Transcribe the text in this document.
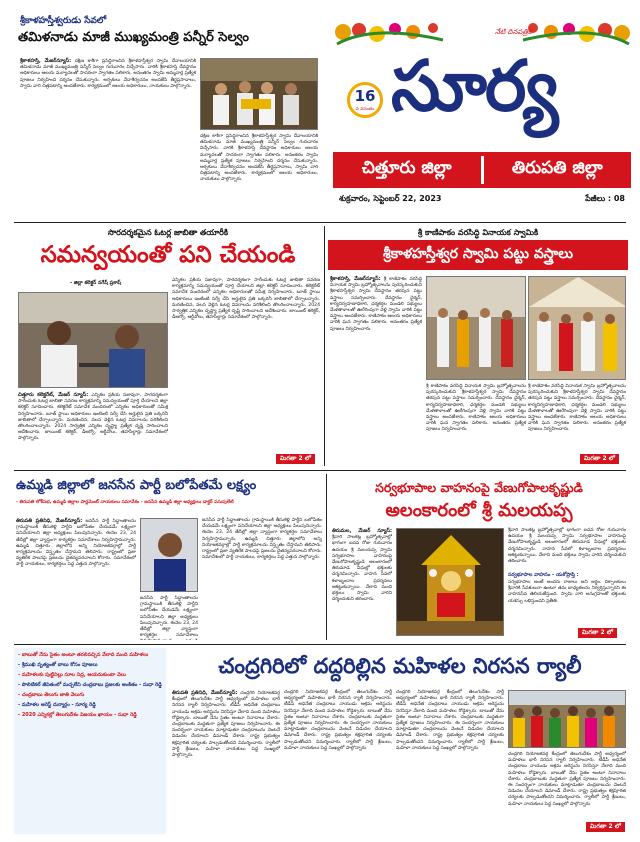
నేటి దినపత్రిక
16
వ వసంతం సూర్య
చిత్తూరు జిల్లా	తిరుపతి జిల్లా
శుక్రవారం, సెప్టెంబర్ 22, 2023	పేజీలు : 08
శ్రీకాళహస్తీశ్వరుడు సేవలో
తమిళనాడు మాజీ ముఖ్యమంత్రి పన్నీర్ సెల్వం
శ్రీకాళహస్తి, మేజర్‌న్యూస్: దక్షిణ కాశీగా ప్రసిద్ధిగాంచిన శ్రీకాళహస్తీశ్వర స్వామి దేవాలయానికి తమిళనాడు మాజీ ముఖ్యమంత్రి పన్నీర్ సెల్వం గురువారం విచ్చేసారు. వారికి శ్రీకాళహస్తి దేవస్థానం అధికారులు ఆలయ మర్యాదలతో సాదరంగా స్వాగతం పలికారు. అనంతరం స్వామి అమ్మవార్ల ప్రత్యేక పూజలు నిర్వహించి దర్శనం చేసుకున్నారు. అర్చకులు వేదాశీర్వచనం అందజేసి తీర్థప్రసాదాలు, స్వామి వారి చిత్రపటాన్ని అందజేశారు. కార్యక్రమంలో ఆలయ అధికారులు, నాయకులు పాల్గొన్నారు.
దక్షిణ కాశీగా ప్రసిద్ధిగాంచిన శ్రీకాళహస్తీశ్వర స్వామి దేవాలయానికి తమిళనాడు మాజీ ముఖ్యమంత్రి పన్నీర్ సెల్వం గురువారం విచ్చేసారు. వారికి శ్రీకాళహస్తి దేవస్థానం అధికారులు ఆలయ మర్యాదలతో సాదరంగా స్వాగతం పలికారు. అనంతరం స్వామి అమ్మవార్ల ప్రత్యేక పూజలు నిర్వహించి దర్శనం చేసుకున్నారు. అర్చకులు వేదాశీర్వచనం అందజేసి తీర్థప్రసాదాలు, స్వామి వారి చిత్రపటాన్ని అందజేశారు. కార్యక్రమంలో ఆలయ అధికారులు, నాయకులు పాల్గొన్నారు.
సొరదర్శకమైన ఓటర్ల జాబితా తయారీకి
సమన్వయంతో పని చేయండి
- జిల్లా కలెక్టర్ నగేష్ ప్రకాష్	ఎన్నికల ప్రకియ సజావుగా, పారదర్శకంగా సాగేందుకు ఓటర్ల జాబితా సవరణ కార్యక్రమాన్ని సమన్వయంతో పూర్తి చేయాలని జిల్లా కలెక్టర్ సూచించారు. కలెక్టరేట్ సమావేశ మందిరంలో ఎన్నికల అధికారులతో సమీక్ష నిర్వహించారు. బూత్ స్థాయి అధికారులు ఇంటింటి సర్వే చేసి అర్హులైన ప్రతి ఒక్కరినీ జాబితాలో చేర్చాలన్నారు. మరణించిన, వలస వెళ్లిన ఓటర్ల వివరాలను పరిశీలించి తొలగించాలన్నారు. 2024 సార్వత్రిక ఎన్నికల దృష్ట్యా ప్రత్యేక దృష్టి సారించాలని ఆదేశించారు. జాయింట్ కలెక్టర్, డీఆర్వో, ఆర్డీవోలు, తహసీల్దార్లు సమావేశంలో పాల్గొన్నారు.
చిత్తూరు కలెక్టరేట్, మేజర్ న్యూస్: ఎన్నికల ప్రకియ సజావుగా, పారదర్శకంగా సాగేందుకు ఓటర్ల జాబితా సవరణ కార్యక్రమాన్ని సమన్వయంతో పూర్తి చేయాలని జిల్లా కలెక్టర్ సూచించారు. కలెక్టరేట్ సమావేశ మందిరంలో ఎన్నికల అధికారులతో సమీక్ష నిర్వహించారు. బూత్ స్థాయి అధికారులు ఇంటింటి సర్వే చేసి అర్హులైన ప్రతి ఒక్కరినీ జాబితాలో చేర్చాలన్నారు. మరణించిన, వలస వెళ్లిన ఓటర్ల వివరాలను పరిశీలించి తొలగించాలన్నారు. 2024 సార్వత్రిక ఎన్నికల దృష్ట్యా ప్రత్యేక దృష్టి సారించాలని ఆదేశించారు. జాయింట్ కలెక్టర్, డీఆర్వో, ఆర్డీవోలు, తహసీల్దార్లు సమావేశంలో పాల్గొన్నారు.
మిగతా 2 లో
శ్రీ కాణిపాకం వరసిద్ధి వినాయక స్వామికి
శ్రీకాళహస్తీశ్వర స్వామి పట్టు వస్త్రాలు
శ్రీకాళహస్తి, మేజర్‌న్యూస్: శ్రీ కాణిపాకం వరసిద్ధి వినాయక స్వామి బ్రహ్మోత్సవాలను పురస్కరించుకుని శ్రీకాళహస్తీశ్వర స్వామి దేవస్థానం తరపున పట్టు వస్త్రాలు సమర్పించారు. దేవస్థానం ఛైర్మన్, కార్యనిర్వహణాధికారి, ధర్మకర్తల మండలి సభ్యులు మేళతాళాలతో ఊరేగింపుగా వెళ్లి స్వామి వారికి పట్టు వస్త్రాలు అందజేశారు. కాణిపాకం ఆలయ అధికారులు వారికి ఘన స్వాగతం పలికారు. అనంతరం ప్రత్యేక పూజలు నిర్వహించారు.
శ్రీ కాణిపాకం వరసిద్ధి వినాయక స్వామి బ్రహ్మోత్సవాలను పురస్కరించుకుని శ్రీకాళహస్తీశ్వర స్వామి దేవస్థానం తరపున పట్టు వస్త్రాలు సమర్పించారు. దేవస్థానం ఛైర్మన్, కార్యనిర్వహణాధికారి, ధర్మకర్తల మండలి సభ్యులు మేళతాళాలతో ఊరేగింపుగా వెళ్లి స్వామి వారికి పట్టు వస్త్రాలు అందజేశారు. కాణిపాకం ఆలయ అధికారులు వారికి ఘన స్వాగతం పలికారు. అనంతరం ప్రత్యేక పూజలు నిర్వహించారు.
శ్రీ కాణిపాకం వరసిద్ధి వినాయక స్వామి బ్రహ్మోత్సవాలను పురస్కరించుకుని శ్రీకాళహస్తీశ్వర స్వామి దేవస్థానం తరపున పట్టు వస్త్రాలు సమర్పించారు. దేవస్థానం ఛైర్మన్, కార్యనిర్వహణాధికారి, ధర్మకర్తల మండలి సభ్యులు మేళతాళాలతో ఊరేగింపుగా వెళ్లి స్వామి వారికి పట్టు వస్త్రాలు అందజేశారు. కాణిపాకం ఆలయ అధికారులు వారికి ఘన స్వాగతం పలికారు. అనంతరం ప్రత్యేక పూజలు నిర్వహించారు.
మిగతా 2 లో
ఉమ్మడి జిల్లాలో జనసేన పార్టీ బలోపేతమే లక్ష్యం
- తిరుపతి లోక్‌సభ, ఉమ్మడి జిల్లాల పార్లమెంట్ నాయకులు సమావేశం - జనసేన ఉమ్మడి జిల్లా అధ్యక్షులు డాక్టర్ పసుపులేటి
తిరుపతి ప్రతినిధి, మేజర్‌న్యూస్: జనసేన పార్టీ సిద్ధాంతాలను గ్రామస్థాయికి తీసుకెళ్లి పార్టీని బలోపేతం చేయడమే లక్ష్యంగా పనిచేయాలని జిల్లా అధ్యక్షులు పిలుపునిచ్చారు. ఈనెల 23, 24 తేదీల్లో జిల్లా వ్యాప్తంగా కార్యకర్తల సమావేశాలు నిర్వహిస్తామన్నారు. ఉమ్మడి చిత్తూరు జిల్లాలోని అన్ని నియోజకవర్గాల్లో పార్టీ కార్యక్రమాలను విస్తృతం చేస్తామని తెలిపారు. రాష్ట్రంలో ప్రజా వ్యతిరేక పాలనపై ప్రజలను చైతన్యపరచాలని కోరారు. సమావేశంలో పార్టీ నాయకులు, కార్యకర్తలు పెద్ద ఎత్తున పాల్గొన్నారు.
జనసేన పార్టీ సిద్ధాంతాలను గ్రామస్థాయికి తీసుకెళ్లి పార్టీని బలోపేతం చేయడమే లక్ష్యంగా పనిచేయాలని జిల్లా అధ్యక్షులు పిలుపునిచ్చారు. ఈనెల 23, 24 తేదీల్లో జిల్లా వ్యాప్తంగా కార్యకర్తల సమావేశాలు నిర్వహిస్తామన్నారు. ఉమ్మడి చిత్తూరు జిల్లాలోని అన్ని నియోజకవర్గాల్లో పార్టీ కార్యక్రమాలను విస్తృతం చేస్తామని తెలిపారు. రాష్ట్రంలో ప్రజా వ్యతిరేక పాలనపై ప్రజలను చైతన్యపరచాలని కోరారు. సమావేశంలో పార్టీ నాయకులు, కార్యకర్తలు పెద్ద ఎత్తున పాల్గొన్నారు.
జనసేన పార్టీ సిద్ధాంతాలను గ్రామస్థాయికి తీసుకెళ్లి పార్టీని బలోపేతం చేయడమే లక్ష్యంగా పనిచేయాలని జిల్లా అధ్యక్షులు పిలుపునిచ్చారు. ఈనెల 23, 24 తేదీల్లో జిల్లా వ్యాప్తంగా కార్యకర్తల సమావేశాలు
సర్వభూపాల వాహనంపై వేణుగోపాలకృష్ణుడి
అలంకారంలో శ్రీ మలయప్ప
తిరుమల, మేజర్ న్యూస్: శ్రీవారి సాలకట్ల బ్రహ్మోత్సవాల్లో భాగంగా ఐదవ రోజు గురువారం ఉదయం శ్రీ మలయప్ప స్వామి సర్వభూపాల వాహనంపై వేణుగోపాలకృష్ణుడి అలంకారంలో తిరుమాడ వీధుల్లో భక్తులకు దర్శనమిచ్చారు. వాహన సేవలో కళాబృందాల ప్రదర్శనలు ఆకట్టుకున్నాయి. వేలాది మంది భక్తులు స్వామి వారిని దర్శించుకుని తరించారు.
శ్రీవారి సాలకట్ల బ్రహ్మోత్సవాల్లో భాగంగా ఐదవ రోజు గురువారం ఉదయం శ్రీ మలయప్ప స్వామి సర్వభూపాల వాహనంపై వేణుగోపాలకృష్ణుడి అలంకారంలో తిరుమాడ వీధుల్లో భక్తులకు దర్శనమిచ్చారు. వాహన సేవలో కళాబృందాల ప్రదర్శనలు ఆకట్టుకున్నాయి. వేలాది మంది భక్తులు స్వామి వారిని దర్శించుకుని తరించారు.
సర్వభూపాల వాహనం - యశోప్రాప్తి :
సర్వభూపాల అంటే అందరు రాజులు అని అర్థం. దిక్పాలకులు శ్రీవారికి సేవకులుగా ఉంటూ తమ బాధ్యతలను నిర్వర్తిస్తున్నారని ఈ వాహనసేవ తెలియజేస్తుంది. స్వామి వారి అనుగ్రహంతో భక్తులకు యశస్సు లభిస్తుందని ప్రతీతి.
మిగతా 2 లో
- బాబుతో నేను సైతం అంటూ తరలివచ్చిన వేలాది మంది మహిళలు
- శ్రీముఖి వృత్యంతో బాబు కోసం పూజలు
- మహిళలకు పుట్టినిల్లు సూల నిద్ర, ఆయనుకుంటా వెలు
- పొలిటికల్ జీవితంలో మచ్చలేని చంద్రబాబు ప్రజలకు అంకితం - సుధా రెడ్డి
- చంద్రబాబు తెలుగు జాతి వెలుగు
- మహిళల అరెస్ట్ దుర్మార్గం - సూర్య రెడ్డి
- 2020 ఎన్నికల్లో తెలుగుదేశం విజయం ఖాయం - సుధా రెడ్డి
చంద్రగిరిలో దద్దరిల్లిన మహిళల నిరసన ర్యాలీ
తిరుపతి ప్రతినిధి, మేజర్‌న్యూస్: చంద్రగిరి నియోజకవర్గ కేంద్రంలో తెలుగుదేశం పార్టీ ఆధ్వర్యంలో మహిళలు భారీ నిరసన ర్యాలీ నిర్వహించారు. టీడీపీ అధినేత చంద్రబాబు నాయుడు అక్రమ అరెస్టును నిరసిస్తూ వేలాది మంది మహిళలు రోడ్డెక్కారు. బాబుతో నేను సైతం అంటూ నినాదాలు చేశారు. చంద్రబాబుకు మద్దతుగా ప్రత్యేక పూజలు నిర్వహించారు. ఈ సందర్భంగా నాయకులు మాట్లాడుతూ చంద్రబాబును వెంటనే విడుదల చేయాలని డిమాండ్ చేశారు. రాష్ట్ర ప్రభుత్వం కక్షపూరిత చర్యలకు పాల్పడుతోందని విమర్శించారు. ర్యాలీలో పార్టీ శ్రేణులు, మహిళా నాయకులు పెద్ద సంఖ్యలో పాల్గొన్నారు.
చంద్రగిరి నియోజకవర్గ కేంద్రంలో తెలుగుదేశం పార్టీ ఆధ్వర్యంలో మహిళలు భారీ నిరసన ర్యాలీ నిర్వహించారు. టీడీపీ అధినేత చంద్రబాబు నాయుడు అక్రమ అరెస్టును నిరసిస్తూ వేలాది మంది మహిళలు రోడ్డెక్కారు. బాబుతో నేను సైతం అంటూ నినాదాలు చేశారు. చంద్రబాబుకు మద్దతుగా ప్రత్యేక పూజలు నిర్వహించారు. ఈ సందర్భంగా నాయకులు మాట్లాడుతూ చంద్రబాబును వెంటనే విడుదల చేయాలని డిమాండ్ చేశారు. రాష్ట్ర ప్రభుత్వం కక్షపూరిత చర్యలకు పాల్పడుతోందని విమర్శించారు. ర్యాలీలో పార్టీ శ్రేణులు, మహిళా నాయకులు పెద్ద సంఖ్యలో పాల్గొన్నారు.
చంద్రగిరి నియోజకవర్గ కేంద్రంలో తెలుగుదేశం పార్టీ ఆధ్వర్యంలో మహిళలు భారీ నిరసన ర్యాలీ నిర్వహించారు. టీడీపీ అధినేత చంద్రబాబు నాయుడు అక్రమ అరెస్టును నిరసిస్తూ వేలాది మంది మహిళలు రోడ్డెక్కారు. బాబుతో నేను సైతం అంటూ నినాదాలు చేశారు. చంద్రబాబుకు మద్దతుగా ప్రత్యేక పూజలు నిర్వహించారు. ఈ సందర్భంగా నాయకులు మాట్లాడుతూ చంద్రబాబును వెంటనే విడుదల చేయాలని డిమాండ్ చేశారు. రాష్ట్ర ప్రభుత్వం కక్షపూరిత చర్యలకు పాల్పడుతోందని విమర్శించారు. ర్యాలీలో పార్టీ శ్రేణులు, మహిళా నాయకులు పెద్ద సంఖ్యలో పాల్గొన్నారు.
చంద్రగిరి నియోజకవర్గ కేంద్రంలో తెలుగుదేశం పార్టీ ఆధ్వర్యంలో మహిళలు భారీ నిరసన ర్యాలీ నిర్వహించారు. టీడీపీ అధినేత చంద్రబాబు నాయుడు అక్రమ అరెస్టును నిరసిస్తూ వేలాది మంది మహిళలు రోడ్డెక్కారు. బాబుతో నేను సైతం అంటూ నినాదాలు చేశారు. చంద్రబాబుకు మద్దతుగా ప్రత్యేక పూజలు నిర్వహించారు. ఈ సందర్భంగా నాయకులు మాట్లాడుతూ చంద్రబాబును వెంటనే విడుదల చేయాలని డిమాండ్ చేశారు. రాష్ట్ర ప్రభుత్వం కక్షపూరిత చర్యలకు పాల్పడుతోందని విమర్శించారు. ర్యాలీలో పార్టీ శ్రేణులు, మహిళా నాయకులు పెద్ద సంఖ్యలో పాల్గొన్నారు.
మిగతా 2 లో
